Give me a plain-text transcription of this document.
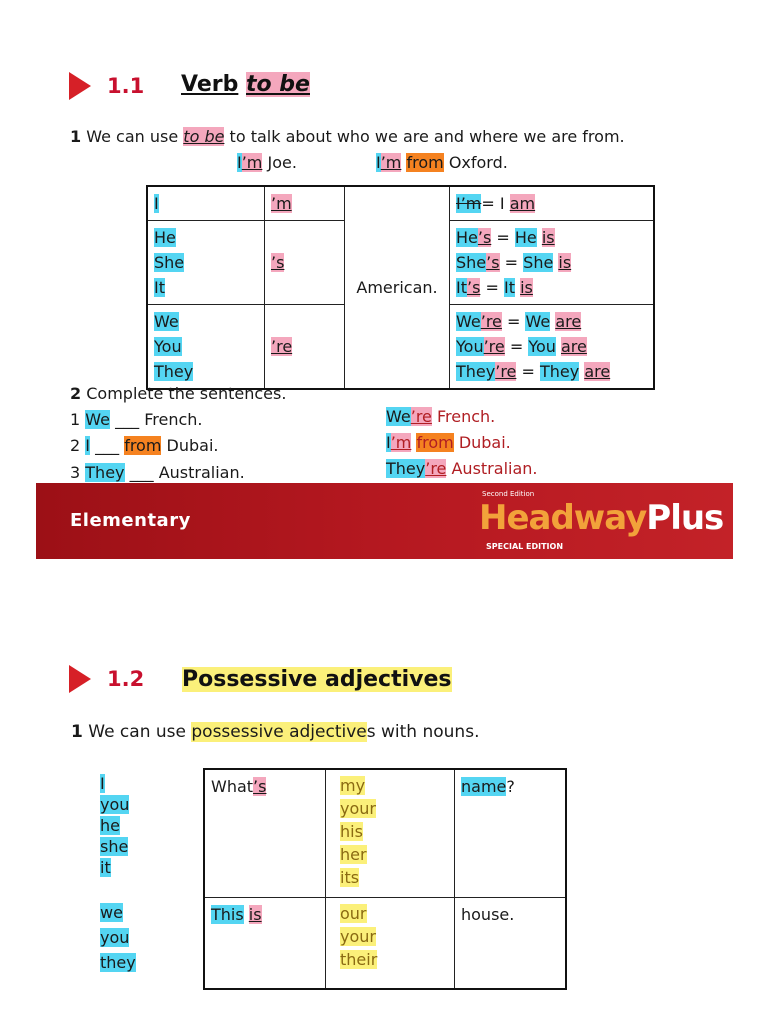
1.1 Verb to be
1 We can use to be to talk about who we are and where we are from.
I’m Joe.	I’m from Oxford.
I	’m	American.	I’m= I am

He
She
It	’s		He’s = He is
She’s = She is
It’s = It is

We
You
They	’re		We’re = We are
You’re = You are
They’re = They are
2 Complete the sentences.
1 We ___ French.
2 I ___ from Dubai.
3 They ___ Australian.
We’re French.
I’m from Dubai.
They’re Australian.
Elementary
Second Edition
HeadwayPlus
SPECIAL EDITION
1.2 Possessive adjectives
1 We can use possessive adjectives with nouns.
I
you
he
she
it
we
you
they
What’s	my
your
his
her
its	name?
This is	our
your
their	house.
